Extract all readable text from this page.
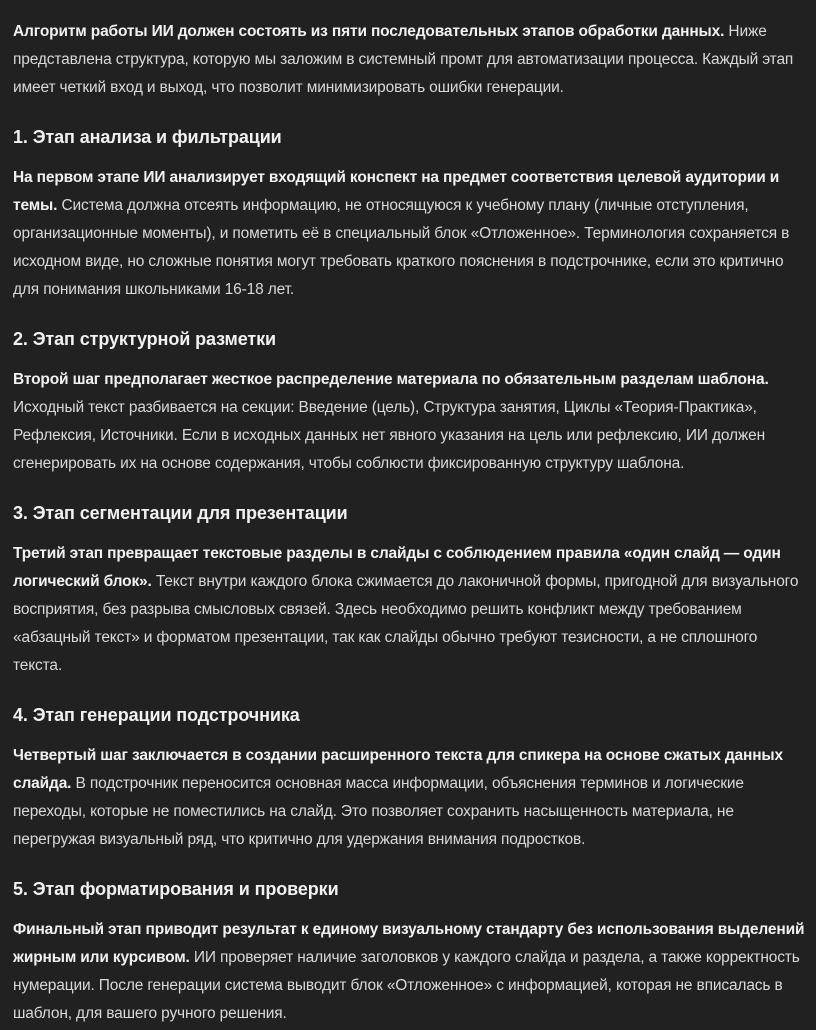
Алгоритм работы ИИ должен состоять из пяти последовательных этапов обработки данных. Ниже представлена структура, которую мы заложим в системный промт для автоматизации процесса. Каждый этап имеет четкий вход и выход, что позволит минимизировать ошибки генерации.

1. Этап анализа и фильтрации

На первом этапе ИИ анализирует входящий конспект на предмет соответствия целевой аудитории и темы. Система должна отсеять информацию, не относящуюся к учебному плану (личные отступления, организационные моменты), и пометить её в специальный блок «Отложенное». Терминология сохраняется в исходном виде, но сложные понятия могут требовать краткого пояснения в подстрочнике, если это критично для понимания школьниками 16-18 лет.

2. Этап структурной разметки

Второй шаг предполагает жесткое распределение материала по обязательным разделам шаблона. Исходный текст разбивается на секции: Введение (цель), Структура занятия, Циклы «Теория-Практика», Рефлексия, Источники. Если в исходных данных нет явного указания на цель или рефлексию, ИИ должен сгенерировать их на основе содержания, чтобы соблюсти фиксированную структуру шаблона.

3. Этап сегментации для презентации

Третий этап превращает текстовые разделы в слайды с соблюдением правила «один слайд — один логический блок». Текст внутри каждого блока сжимается до лаконичной формы, пригодной для визуального восприятия, без разрыва смысловых связей. Здесь необходимо решить конфликт между требованием «абзацный текст» и форматом презентации, так как слайды обычно требуют тезисности, а не сплошного текста.

4. Этап генерации подстрочника

Четвертый шаг заключается в создании расширенного текста для спикера на основе сжатых данных слайда. В подстрочник переносится основная масса информации, объяснения терминов и логические переходы, которые не поместились на слайд. Это позволяет сохранить насыщенность материала, не перегружая визуальный ряд, что критично для удержания внимания подростков.

5. Этап форматирования и проверки

Финальный этап приводит результат к единому визуальному стандарту без использования выделений жирным или курсивом. ИИ проверяет наличие заголовков у каждого слайда и раздела, а также корректность нумерации. После генерации система выводит блок «Отложенное» с информацией, которая не вписалась в шаблон, для вашего ручного решения.
